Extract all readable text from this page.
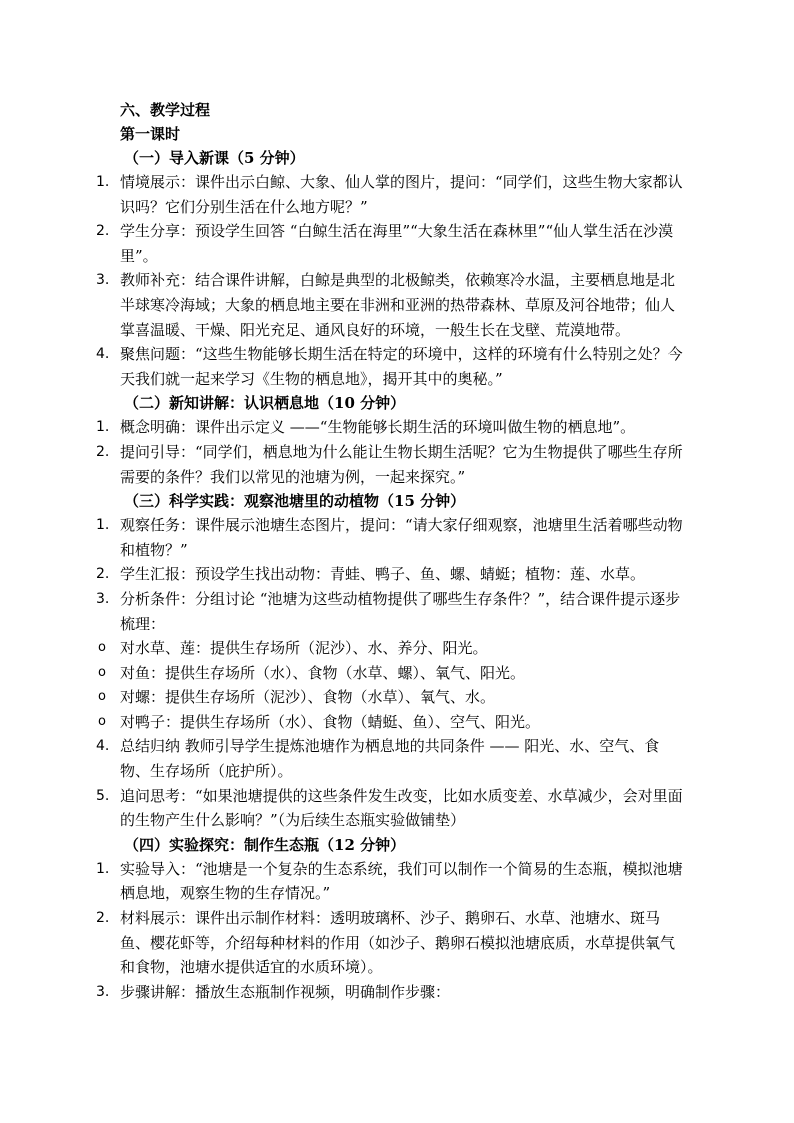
六、教学过程
第一课时
（一）导入新课（5 分钟）
1. 情境展示：课件出示白鲸、大象、仙人掌的图片，提问：“同学们，这些生物大家都认识吗？它们分别生活在什么地方呢？”
2. 学生分享：预设学生回答 “白鲸生活在海里”“大象生活在森林里”“仙人掌生活在沙漠里”。
3. 教师补充：结合课件讲解，白鲸是典型的北极鲸类，依赖寒冷水温，主要栖息地是北半球寒冷海域；大象的栖息地主要在非洲和亚洲的热带森林、草原及河谷地带；仙人掌喜温暖、干燥、阳光充足、通风良好的环境，一般生长在戈壁、荒漠地带。
4. 聚焦问题：“这些生物能够长期生活在特定的环境中，这样的环境有什么特别之处？今天我们就一起来学习《生物的栖息地》，揭开其中的奥秘。”
（二）新知讲解：认识栖息地（10 分钟）
1. 概念明确：课件出示定义 ——“生物能够长期生活的环境叫做生物的栖息地”。
2. 提问引导：“同学们，栖息地为什么能让生物长期生活呢？它为生物提供了哪些生存所需要的条件？我们以常见的池塘为例，一起来探究。”
（三）科学实践：观察池塘里的动植物（15 分钟）
1. 观察任务：课件展示池塘生态图片，提问：“请大家仔细观察，池塘里生活着哪些动物和植物？”
2. 学生汇报：预设学生找出动物：青蛙、鸭子、鱼、螺、蜻蜓；植物：莲、水草。
3. 分析条件：分组讨论 “池塘为这些动植物提供了哪些生存条件？”，结合课件提示逐步梳理：
o 对水草、莲：提供生存场所（泥沙）、水、养分、阳光。
o 对鱼：提供生存场所（水）、食物（水草、螺）、氧气、阳光。
o 对螺：提供生存场所（泥沙）、食物（水草）、氧气、水。
o 对鸭子：提供生存场所（水）、食物（蜻蜓、鱼）、空气、阳光。
4. 总结归纳 教师引导学生提炼池塘作为栖息地的共同条件 —— 阳光、水、空气、食物、生存场所（庇护所）。
5. 追问思考：“如果池塘提供的这些条件发生改变，比如水质变差、水草减少，会对里面的生物产生什么影响？”（为后续生态瓶实验做铺垫）
（四）实验探究：制作生态瓶（12 分钟）
1. 实验导入：“池塘是一个复杂的生态系统，我们可以制作一个简易的生态瓶，模拟池塘栖息地，观察生物的生存情况。”
2. 材料展示：课件出示制作材料：透明玻璃杯、沙子、鹅卵石、水草、池塘水、斑马鱼、樱花虾等，介绍每种材料的作用（如沙子、鹅卵石模拟池塘底质，水草提供氧气和食物，池塘水提供适宜的水质环境）。
3. 步骤讲解：播放生态瓶制作视频，明确制作步骤：
